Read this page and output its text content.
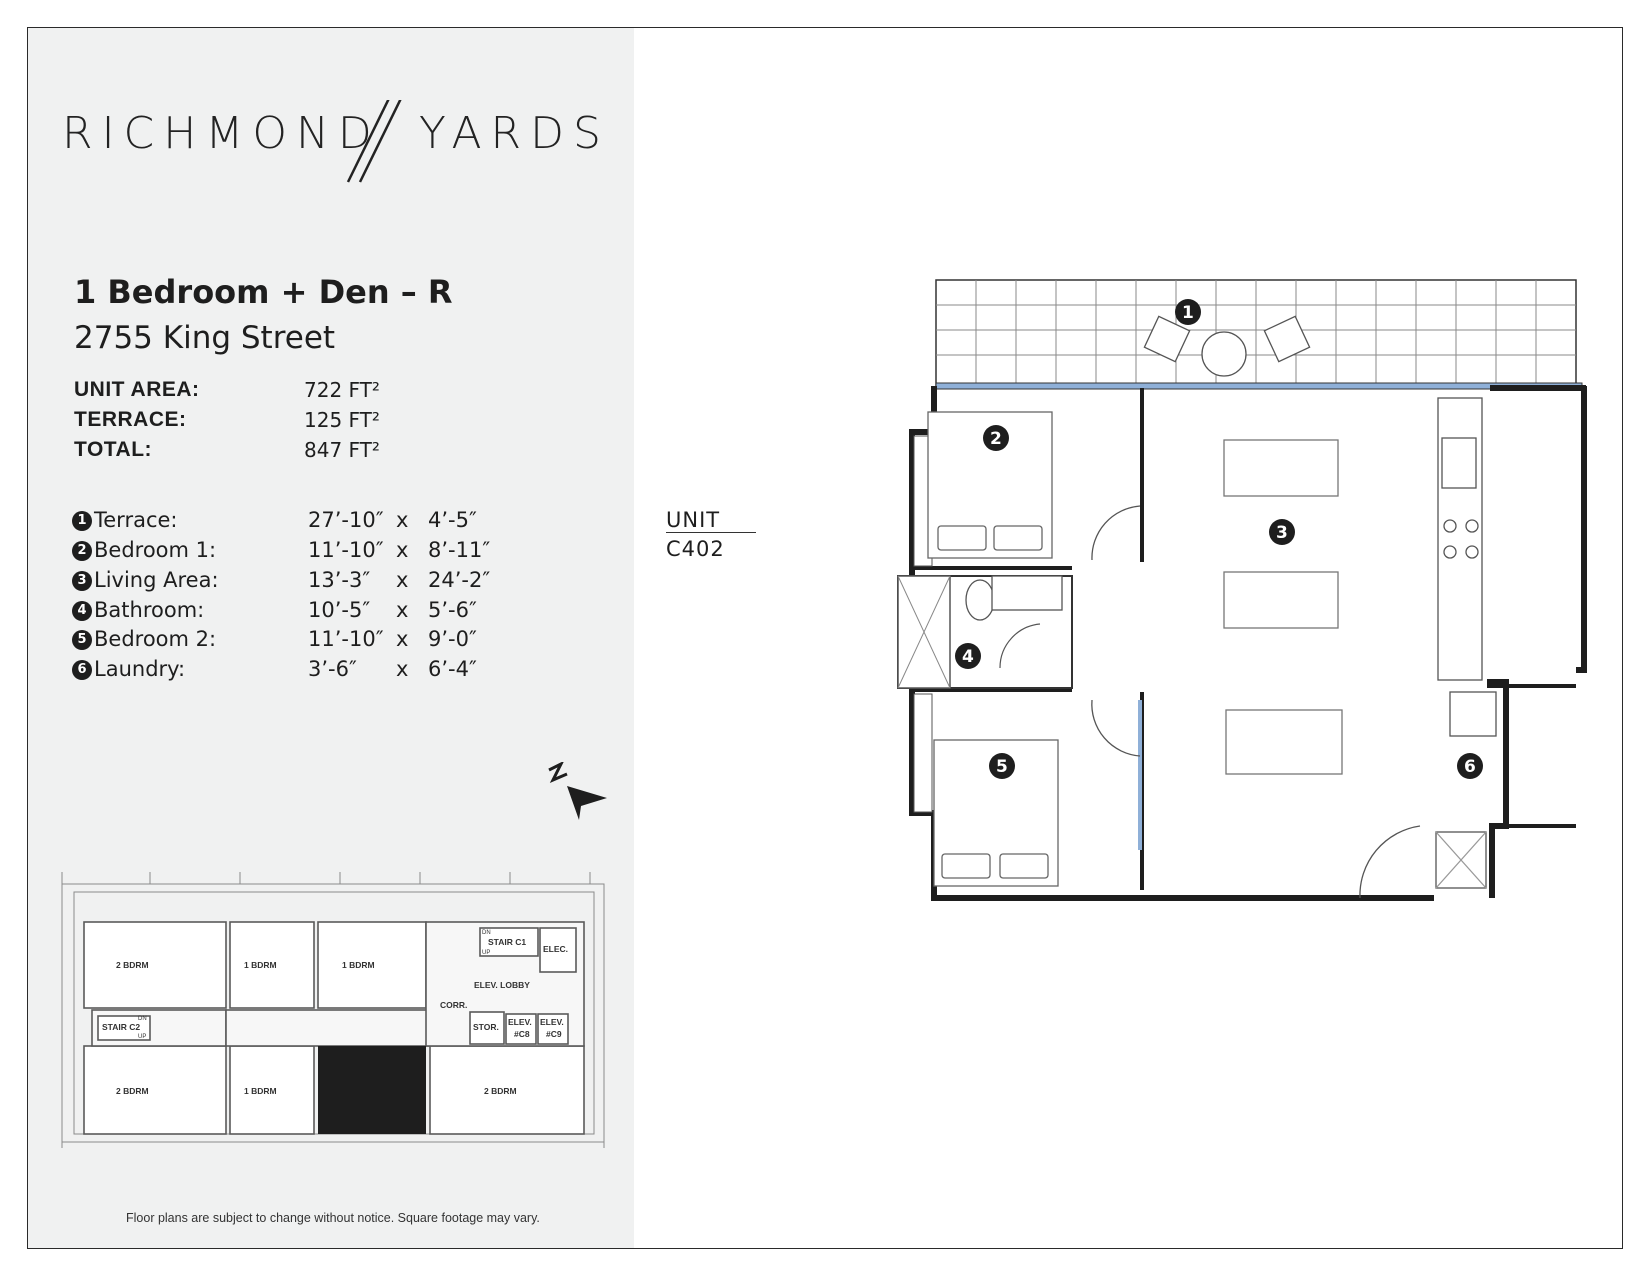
RICHMOND YARDS
1 Bedroom + Den – R
2755 King Street
UNIT AREA:	722 FT²
TERRACE:	125 FT²
TOTAL:	847 FT²
1 Terrace:	27’-10″ x 4’-5″
2 Bedroom 1:	11’-10″ x 8’-11″
3 Living Area:	13’-3″ x 24’-2″
4 Bathroom:	10’-5″ x 5’-6″
5 Bedroom 2:	11’-10″ x 9’-0″
6 Laundry:	3’-6″ x 6’-4″
2 BDRM	1 BDRM	1 BDRM
STAIR C1
ELEC.
ELEV. LOBBY
CORR.
STOR. ELEV.
#C8
ELEV.
#C9
STAIR C2
2 BDRM	1 BDRM	2 BDRM
DN
UP
DN
UP
Floor plans are subject to change without notice. Square footage may vary.
UNIT
C402
1
2
3
4
5	6
